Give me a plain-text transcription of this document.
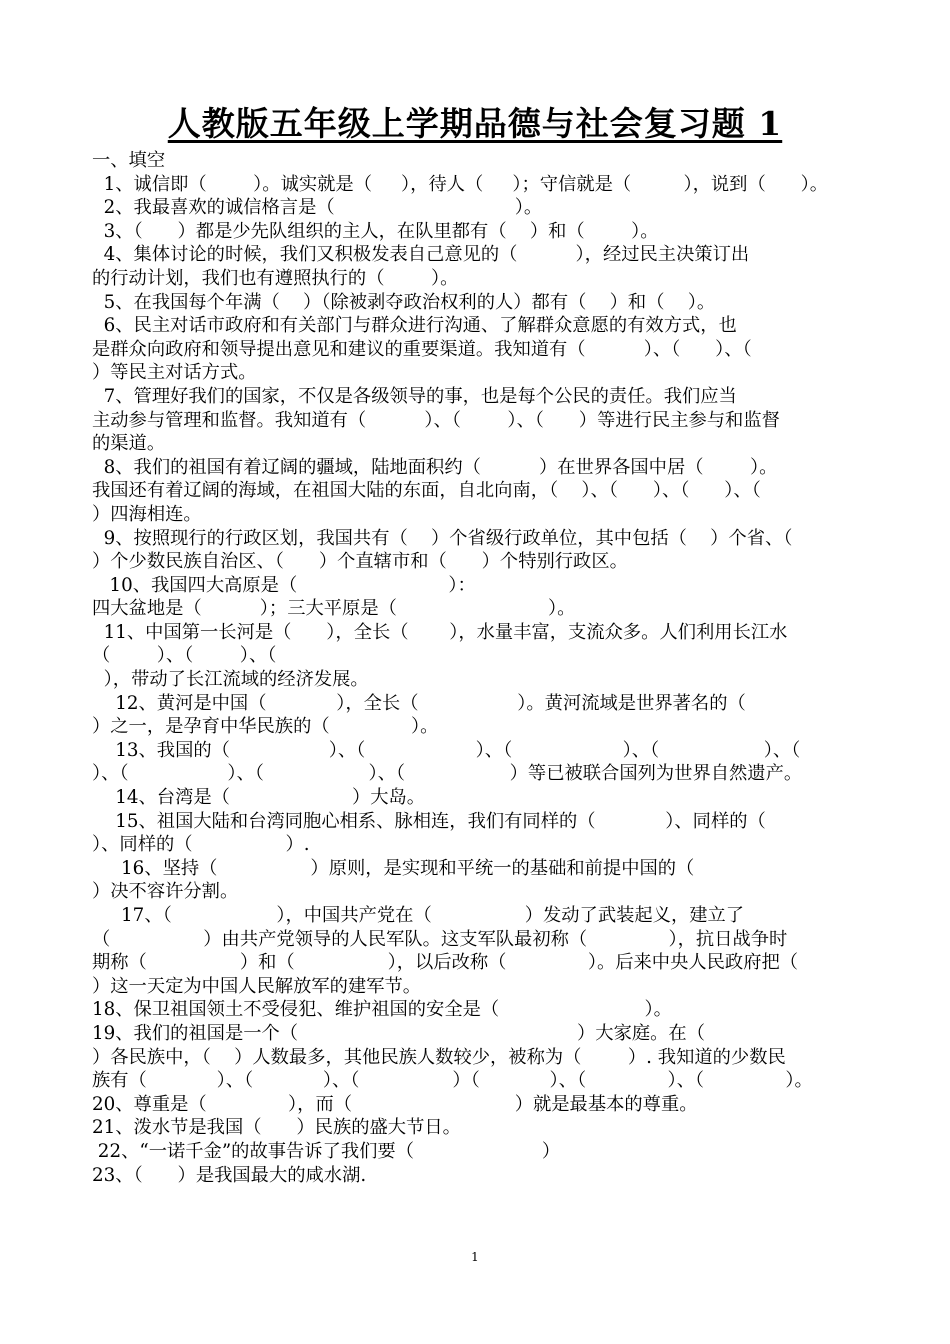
人教版五年级上学期品德与社会复习题 1
一、填空
1、诚信即（        ）。诚实就是（     ），待人（     ）；守信就是（         ），说到（      ）。
2、我最喜欢的诚信格言是（                               ）。
3、（      ）都是少先队组织的主人，在队里都有（    ）和（        ）。
4、集体讨论的时候，我们又积极发表自己意见的（          ），经过民主决策订出
的行动计划，我们也有遵照执行的（        ）。
5、在我国每个年满（    ）（除被剥夺政治权利的人）都有（    ）和（    ）。
6、民主对话市政府和有关部门与群众进行沟通、了解群众意愿的有效方式，也
是群众向政府和领导提出意见和建议的重要渠道。我知道有（          ）、（      ）、（
）等民主对话方式。
7、管理好我们的国家，不仅是各级领导的事，也是每个公民的责任。我们应当
主动参与管理和监督。我知道有（          ）、（        ）、（      ）等进行民主参与和监督
的渠道。
8、我们的祖国有着辽阔的疆域，陆地面积约（          ）在世界各国中居（        ）。
我国还有着辽阔的海域，在祖国大陆的东面，自北向南，（    ）、（      ）、（      ）、（
）四海相连。
9、按照现行的行政区划，我国共有（    ）个省级行政单位，其中包括（    ）个省、（
）个少数民族自治区、（      ）个直辖市和（      ）个特别行政区。
10、我国四大高原是（                          ）：
四大盆地是（          ）；三大平原是（                          ）。
11、中国第一长河是（      ），全长（       ），水量丰富，支流众多。人们利用长江水
（        ）、（        ）、（
），带动了长江流域的经济发展。
12、黄河是中国（            ），全长（                 ）。黄河流域是世界著名的（
）之一，是孕育中华民族的（              ）。
13、我国的（                 ）、（                   ）、（                   ）、（                  ）、（
）、（                 ）、（                  ）、（                  ）等已被联合国列为世界自然遗产。
14、台湾是（                     ）大岛。
15、祖国大陆和台湾同胞心相系、脉相连，我们有同样的（            ）、同样的（
）、同样的（                ）.
16、坚持（                ）原则，是实现和平统一的基础和前提中国的（
）决不容许分割。
17、（                  ），中国共产党在（                ）发动了武装起义，建立了
（                ）由共产党领导的人民军队。这支军队最初称（              ），抗日战争时
期称（                ）和（                ），以后改称（              ）。后来中央人民政府把（
）这一天定为中国人民解放军的建军节。
18、保卫祖国领土不受侵犯、维护祖国的安全是（                         ）。
19、我们的祖国是一个（                                                ）大家庭。在（
）各民族中，（    ）人数最多，其他民族人数较少，被称为（        ）. 我知道的少数民
族有（            ）、（            ）、（                ）（            ）、（              ）、（              ）。
20、尊重是（              ），而（                            ）就是最基本的尊重。
21、泼水节是我国（      ）民族的盛大节日。
22、“一诺千金”的故事告诉了我们要（                      ）
23、（      ）是我国最大的咸水湖.
1
